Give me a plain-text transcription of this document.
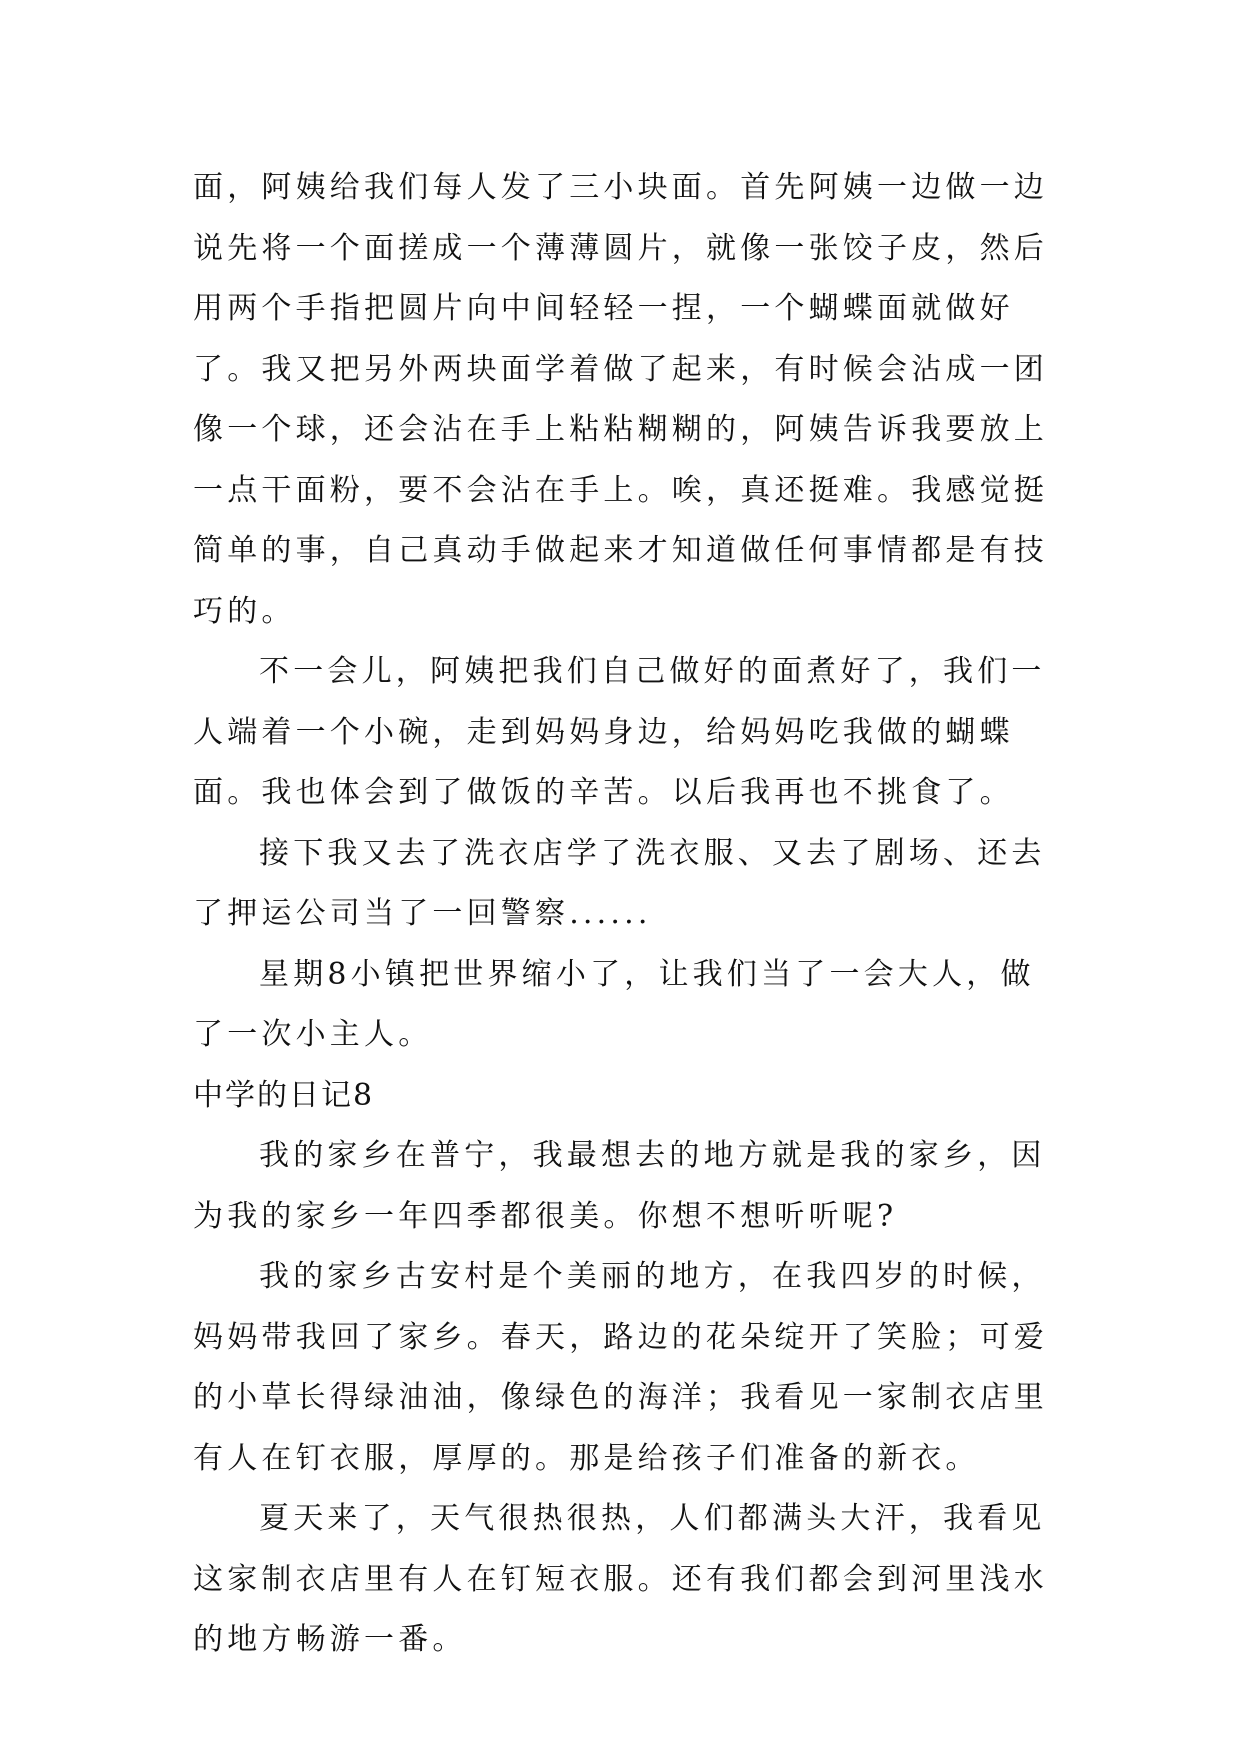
面，阿姨给我们每人发了三小块面。首先阿姨一边做一边说先将一个面搓成一个薄薄圆片，就像一张饺子皮，然后用两个手指把圆片向中间轻轻一捏，一个蝴蝶面就做好了。我又把另外两块面学着做了起来，有时候会沾成一团像一个球，还会沾在手上粘粘糊糊的，阿姨告诉我要放上一点干面粉，要不会沾在手上。唉，真还挺难。我感觉挺简单的事，自己真动手做起来才知道做任何事情都是有技巧的。

不一会儿，阿姨把我们自己做好的面煮好了，我们一人端着一个小碗，走到妈妈身边，给妈妈吃我做的蝴蝶面。我也体会到了做饭的辛苦。以后我再也不挑食了。

接下我又去了洗衣店学了洗衣服、又去了剧场、还去了押运公司当了一回警察......

星期8小镇把世界缩小了，让我们当了一会大人，做了一次小主人。

中学的日记8

我的家乡在普宁，我最想去的地方就是我的家乡，因为我的家乡一年四季都很美。你想不想听听呢?

我的家乡古安村是个美丽的地方，在我四岁的时候，妈妈带我回了家乡。春天，路边的花朵绽开了笑脸；可爱的小草长得绿油油，像绿色的海洋；我看见一家制衣店里有人在钉衣服，厚厚的。那是给孩子们准备的新衣。

夏天来了，天气很热很热，人们都满头大汗，我看见这家制衣店里有人在钉短衣服。还有我们都会到河里浅水的地方畅游一番。
